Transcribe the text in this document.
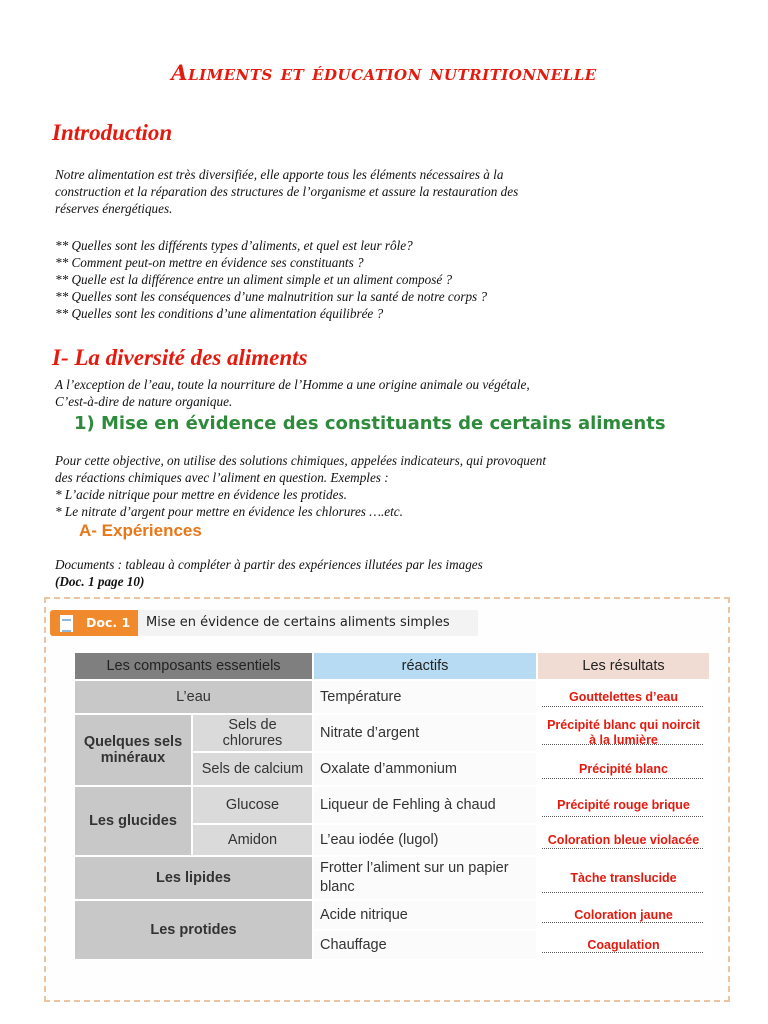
Aliments et éducation nutritionnelle
Introduction

Notre alimentation est très diversifiée, elle apporte tous les éléments nécessaires à la

construction et la réparation des structures de l’organisme et assure la restauration des

réserves énergétiques.

** Quelles sont les différents types d’aliments, et quel est leur rôle?

** Comment peut-on mettre en évidence ses constituants ?

** Quelle est la différence entre un aliment simple et un aliment composé ?

** Quelles sont les conséquences d’une malnutrition sur la santé de notre corps ?

** Quelles sont les conditions d’une alimentation équilibrée ?

I- La diversité des aliments

A l’exception de l’eau, toute la nourriture de l’Homme a une origine animale ou végétale,

C’est-à-dire de nature organique.

1) Mise en évidence des constituants de certains aliments

Pour cette objective, on utilise des solutions chimiques, appelées indicateurs, qui provoquent

des réactions chimiques avec l’aliment en question. Exemples :

* L’acide nitrique pour mettre en évidence les protides.

* Le nitrate d’argent pour mettre en évidence les chlorures ….etc.

A- Expériences

Documents : tableau à compléter à partir des expériences illutées par les images

(Doc. 1 page 10)

Doc. 1	Mise en évidence de certains aliments simples
Les composants essentiels		réactifs	Les résultats
L’eau		Température	Gouttelettes d’eau

Quelques sels minéraux	Sels de chlorures	Nitrate d’argent	Précipité blanc qui noircit à la lumière

	Sels de calcium	Oxalate d’ammonium	Précipité blanc

Les glucides	Glucose	Liqueur de Fehling à chaud	Précipité rouge brique

	Amidon	L’eau iodée (lugol)	Coloration bleue violacée

Les lipides		Frotter l’aliment sur un papier blanc	Tàche translucide

Les protides		Acide nitrique	Coloration jaune

		Chauffage	Coagulation
